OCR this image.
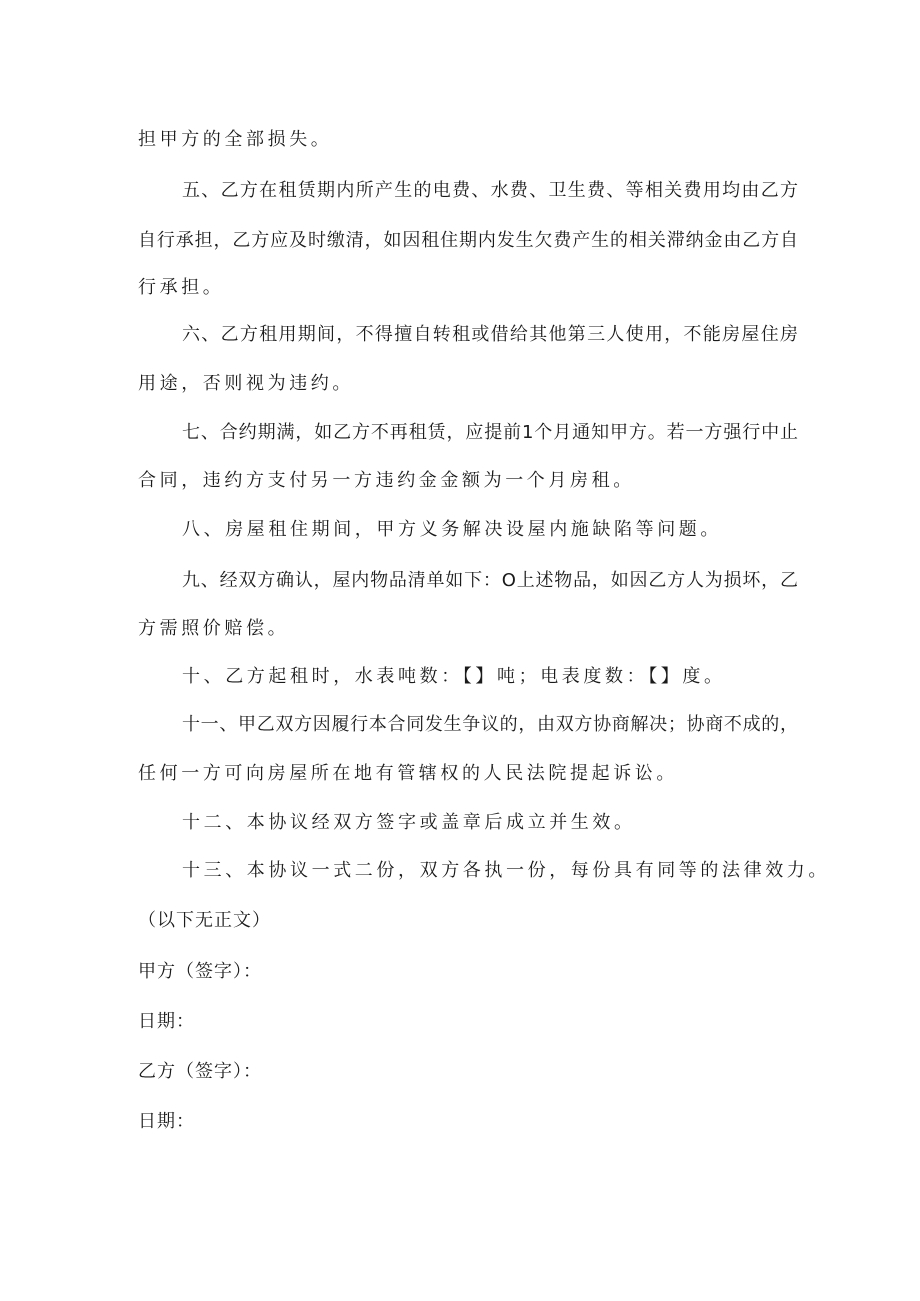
担甲方的全部损失。

五、乙方在租赁期内所产生的电费、水费、卫生费、等相关费用均由乙方

自行承担，乙方应及时缴清，如因租住期内发生欠费产生的相关滞纳金由乙方自

行承担。

六、乙方租用期间，不得擅自转租或借给其他第三人使用，不能房屋住房

用途，否则视为违约。

七、合约期满，如乙方不再租赁，应提前1个月通知甲方。若一方强行中止

合同，违约方支付另一方违约金金额为一个月房租。

八、房屋租住期间，甲方义务解决设屋内施缺陷等问题。

九、经双方确认，屋内物品清单如下：O上述物品，如因乙方人为损坏，乙

方需照价赔偿。

十、乙方起租时，水表吨数：【】吨；电表度数：【】度。

十一、甲乙双方因履行本合同发生争议的，由双方协商解决；协商不成的，

任何一方可向房屋所在地有管辖权的人民法院提起诉讼。

十二、本协议经双方签字或盖章后成立并生效。

十三、本协议一式二份，双方各执一份，每份具有同等的法律效力。

（以下无正文）

甲方（签字）：

日期：

乙方（签字）：

日期：
